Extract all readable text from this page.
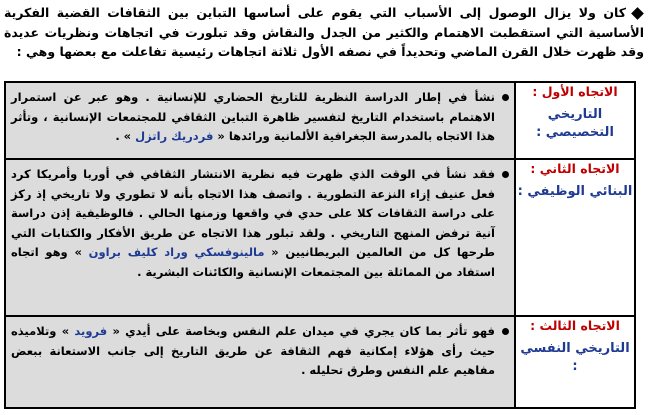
كان ولا يزال الوصول إلى الأسباب التي يقوم على أساسها التباين بين الثقافات القضية الفكرية الأساسية التي استقطبت الاهتمام والكثير من الجدل والنقاش وقد تبلورت في اتجاهات ونظريات عديدة وقد ظهرت خلال القرن الماضي وتحديداً في نصفه الأول ثلاثة اتجاهات رئيسية تفاعلت مع بعضها وهي :
الاتجاه الأول :
التاريخي التخصيصي :	نشأ في إطار الدراسة النظرية للتاريخ الحضاري للإنسانية . وهو عبر عن استمرار الاهتمام باستخدام التاريخ لتفسير ظاهرة التباين الثقافي للمجتمعات الإنسانية ، وتأثر هذا الاتجاه بالمدرسة الجغرافية الألمانية ورائدها « فردريك راتزل » .

الاتجاه الثاني :
البنائي الوظيفي :	فقد نشأ في الوقت الذي ظهرت فيه نظرية الانتشار الثقافي في أوربا وأمريكا كرد فعل عنيف إزاء النزعة التطورية . واتصف هذا الاتجاه بأنه لا تطوري ولا تاريخي إذ ركز على دراسة الثقافات كلا على حدي في واقعها وزمنها الحالي . فالوظيفية إذن دراسة آنية ترفض المنهج التاريخي . ولقد تبلور هذا الاتجاه عن طريق الأفكار والكتابات التي طرحها كل من العالمين البريطانيين « مالينوفسكي وراد كليف براون » وهو اتجاه استفاد من المماثلة بين المجتمعات الإنسانية والكائنات البشرية .

الاتجاه الثالث :
التاريخي النفسي :	فهو تأثر بما كان يجري في ميدان علم النفس وبخاصة على أيدي « فرويد » وتلاميذه حيث رأى هؤلاء إمكانية فهم الثقافة عن طريق التاريخ إلى جانب الاستعانة ببعض مفاهيم علم النفس وطرق تحليله .
